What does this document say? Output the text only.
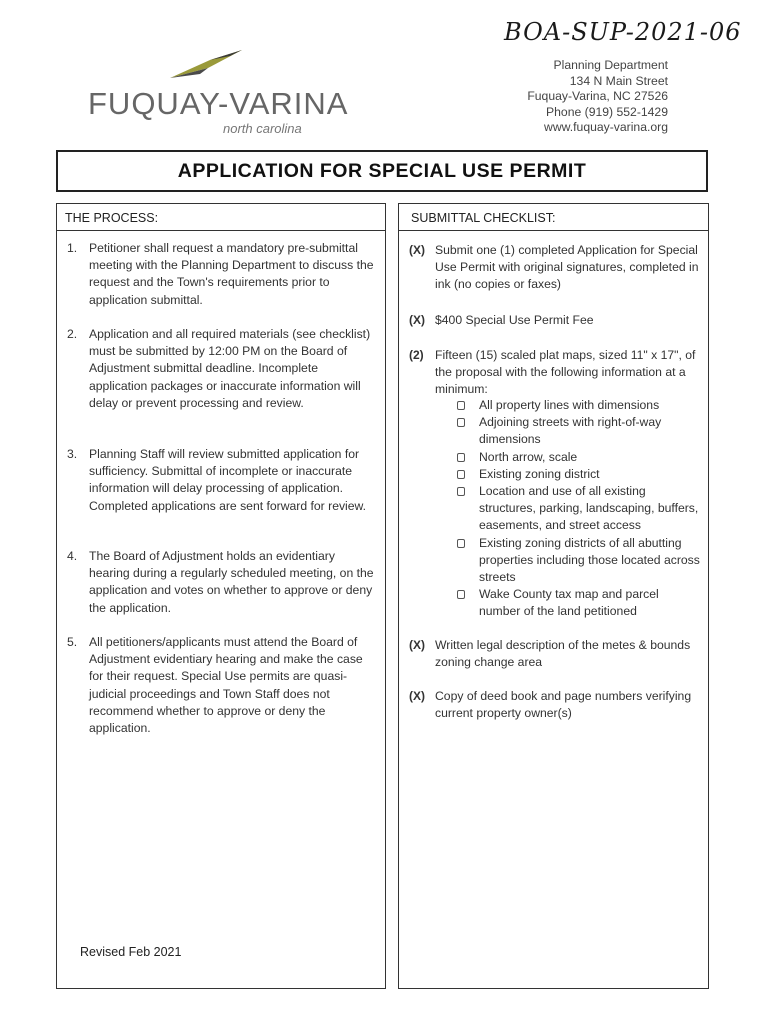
BOA-SUP-2021-06
FUQUAY-VARINA
north carolina
Planning Department
134 N Main Street
Fuquay-Varina, NC 27526
Phone (919) 552-1429
www.fuquay-varina.org
APPLICATION FOR SPECIAL USE PERMIT
THE PROCESS:
1. Petitioner shall request a mandatory pre-submittal meeting with the Planning Department to discuss the request and the Town's requirements prior to application submittal.
2. Application and all required materials (see checklist) must be submitted by 12:00 PM on the Board of Adjustment submittal deadline. Incomplete application packages or inaccurate information will delay or prevent processing and review.
3. Planning Staff will review submitted application for sufficiency. Submittal of incomplete or inaccurate information will delay processing of application. Completed applications are sent forward for review.
4. The Board of Adjustment holds an evidentiary hearing during a regularly scheduled meeting, on the application and votes on whether to approve or deny the application.
5. All petitioners/applicants must attend the Board of Adjustment evidentiary hearing and make the case for their request. Special Use permits are quasi-judicial proceedings and Town Staff does not recommend whether to approve or deny the application.
SUBMITTAL CHECKLIST:
(X) Submit one (1) completed Application for Special Use Permit with original signatures, completed in ink (no copies or faxes)
(X) $400 Special Use Permit Fee
(2) Fifteen (15) scaled plat maps, sized 11" x 17", of the proposal with the following information at a minimum:
All property lines with dimensions
Adjoining streets with right-of-way dimensions
North arrow, scale
Existing zoning district
Location and use of all existing structures, parking, landscaping, buffers, easements, and street access
Existing zoning districts of all abutting properties including those located across streets
Wake County tax map and parcel number of the land petitioned
(X) Written legal description of the metes & bounds zoning change area
(X) Copy of deed book and page numbers verifying current property owner(s)
Revised Feb 2021
